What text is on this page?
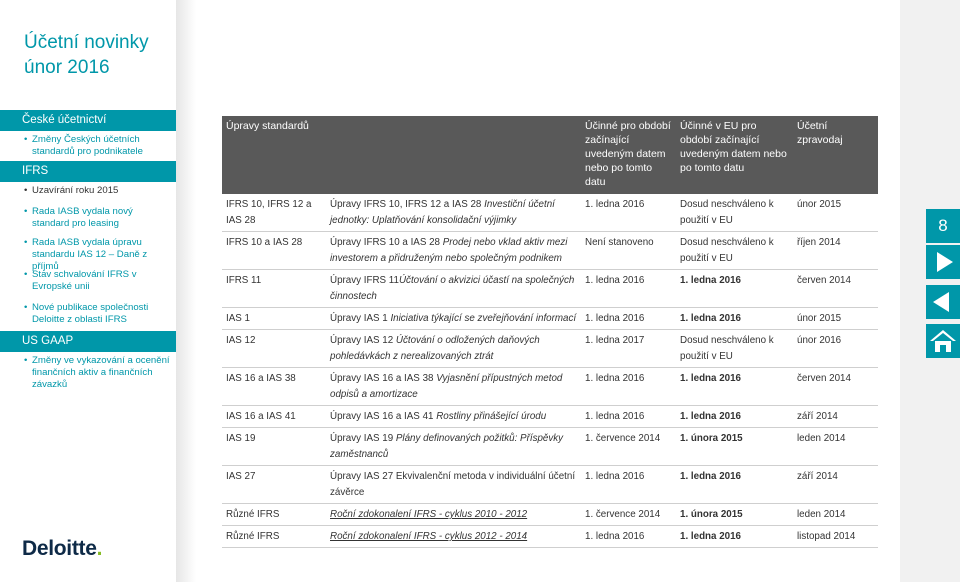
Účetní novinky
únor 2016
České účetnictví
• Změny Českých účetních standardů pro podnikatele
IFRS
• Uzavírání roku 2015
• Rada IASB vydala nový standard pro leasing
• Rada IASB vydala úpravu standardu IAS 12 – Daně z příjmů
• Stav schvalování IFRS v Evropské unii
• Nové publikace společnosti Deloitte z oblasti IFRS
US GAAP
• Změny ve vykazování a ocenění finančních aktiv a finančních závazků
Deloitte.
8
Úpravy standardů		Účinné pro období začínající uvedeným datem nebo po tomto datu	Účinné v EU pro období začínající uvedeným datem nebo po tomto datu	Účetní zpravodaj
IFRS 10, IFRS 12 a IAS 28	Úpravy IFRS 10, IFRS 12 a IAS 28 Investiční účetní jednotky: Uplatňování konsolidační výjimky	1. ledna 2016	Dosud neschváleno k použití v EU	únor 2015
IFRS 10 a IAS 28	Úpravy IFRS 10 a IAS 28 Prodej nebo vklad aktiv mezi investorem a přidruženým nebo společným podnikem	Není stanoveno	Dosud neschváleno k použití v EU	říjen 2014
IFRS 11	Úpravy IFRS 11Účtování o akvizici účastí na společných činnostech	1. ledna 2016	1. ledna 2016	červen 2014
IAS 1	Úpravy IAS 1 Iniciativa týkající se zveřejňování informací	1. ledna 2016	1. ledna 2016	únor 2015
IAS 12	Úpravy IAS 12 Účtování o odložených daňových pohledávkách z nerealizovaných ztrát	1. ledna 2017	Dosud neschváleno k použití v EU	únor 2016
IAS 16 a IAS 38	Úpravy IAS 16 a IAS 38 Vyjasnění přípustných metod odpisů a amortizace	1. ledna 2016	1. ledna 2016	červen 2014
IAS 16 a IAS 41	Úpravy IAS 16 a IAS 41 Rostliny přinášející úrodu	1. ledna 2016	1. ledna 2016	září 2014
IAS 19	Úpravy IAS 19 Plány definovaných požitků: Příspěvky zaměstnanců	1. července 2014	1. února 2015	leden 2014
IAS 27	Úpravy IAS 27 Ekvivalenční metoda v individuální účetní závěrce	1. ledna 2016	1. ledna 2016	září 2014
Různé IFRS	Roční zdokonalení IFRS - cyklus 2010 - 2012	1. července 2014	1. února 2015	leden 2014
Různé IFRS	Roční zdokonalení IFRS - cyklus 2012 - 2014	1. ledna 2016	1. ledna 2016	listopad 2014
